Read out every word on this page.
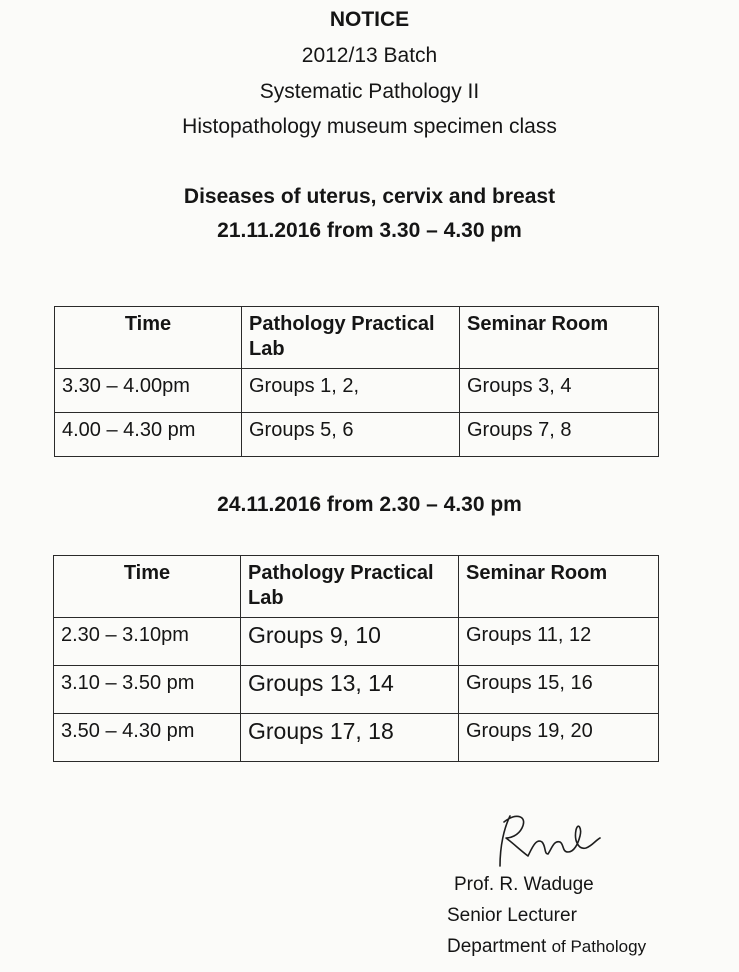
NOTICE
2012/13 Batch
Systematic Pathology II
Histopathology museum specimen class
Diseases of uterus, cervix and breast
21.11.2016 from 3.30 – 4.30 pm
Time	Pathology Practical Lab	Seminar Room
3.30 – 4.00pm	Groups 1, 2,	Groups 3, 4
4.00 – 4.30 pm	Groups 5, 6	Groups 7, 8
24.11.2016 from 2.30 – 4.30 pm
Time	Pathology Practical Lab	Seminar Room
2.30 – 3.10pm	Groups 9, 10	Groups 11, 12
3.10 – 3.50 pm	Groups 13, 14	Groups 15, 16
3.50 – 4.30 pm	Groups 17, 18	Groups 19, 20
Prof. R. Waduge
Senior Lecturer
Department of Pathology
